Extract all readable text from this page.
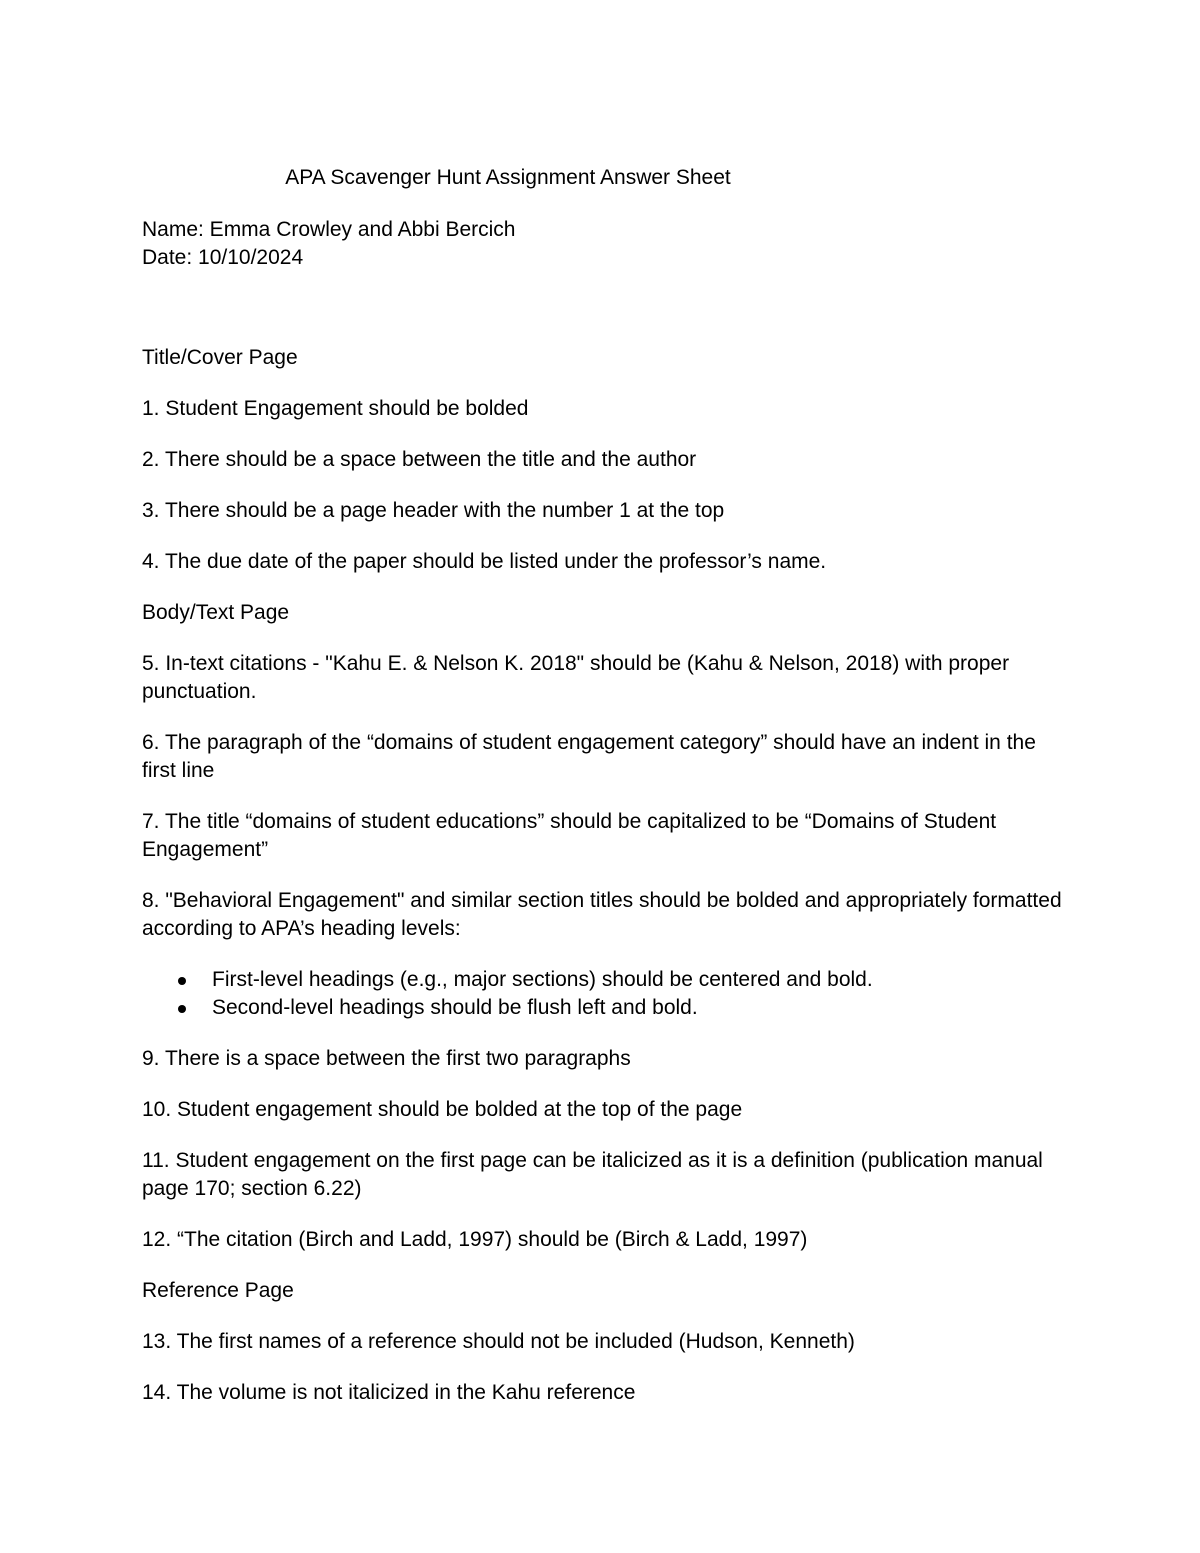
APA Scavenger Hunt Assignment Answer Sheet

Name: Emma Crowley and Abbi Bercich

Date: 10/10/2024

Title/Cover Page

1. Student Engagement should be bolded

2. There should be a space between the title and the author

3. There should be a page header with the number 1 at the top

4. The due date of the paper should be listed under the professor’s name.

Body/Text Page

5. In-text citations - "Kahu E. & Nelson K. 2018" should be (Kahu & Nelson, 2018) with proper punctuation.

6. The paragraph of the “domains of student engagement category” should have an indent in the first line

7. The title “domains of student educations” should be capitalized to be “Domains of Student Engagement”

8. "Behavioral Engagement" and similar section titles should be bolded and appropriately formatted according to APA’s heading levels:

First-level headings (e.g., major sections) should be centered and bold.
Second-level headings should be flush left and bold.

9. There is a space between the first two paragraphs

10. Student engagement should be bolded at the top of the page

11. Student engagement on the first page can be italicized as it is a definition (publication manual page 170; section 6.22)

12. “The citation (Birch and Ladd, 1997) should be (Birch & Ladd, 1997)

Reference Page

13. The first names of a reference should not be included (Hudson, Kenneth)

14. The volume is not italicized in the Kahu reference
